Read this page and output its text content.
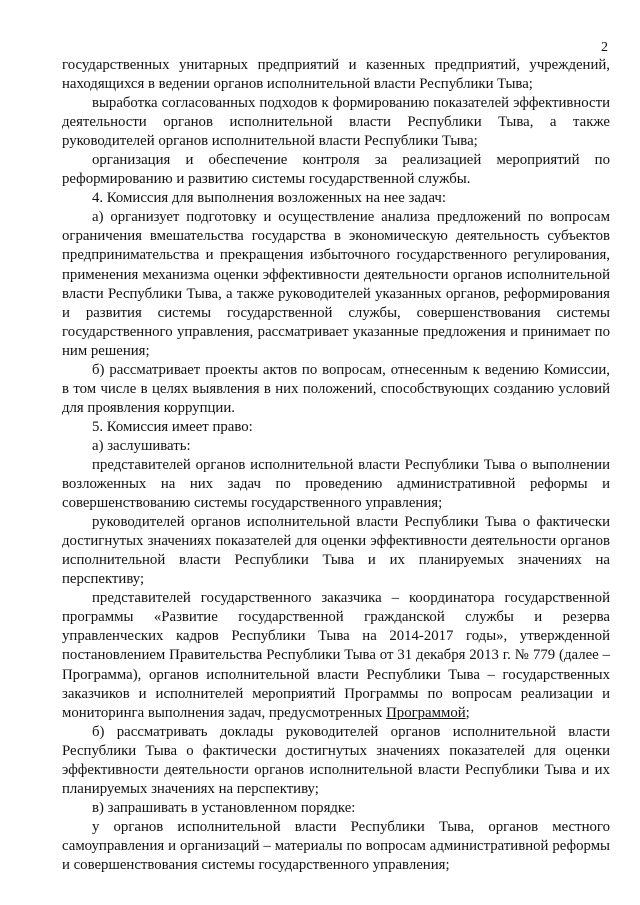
2

государственных унитарных предприятий и казенных предприятий, учреждений, находящихся в ведении органов исполнительной власти Республики Тыва;

выработка согласованных подходов к формированию показателей эффективности деятельности органов исполнительной власти Республики Тыва, а также руководителей органов исполнительной власти Республики Тыва;

организация и обеспечение контроля за реализацией мероприятий по реформированию и развитию системы государственной службы.

4. Комиссия для выполнения возложенных на нее задач:

а) организует подготовку и осуществление анализа предложений по вопросам ограничения вмешательства государства в экономическую деятельность субъектов предпринимательства и прекращения избыточного государственного регулирования, применения механизма оценки эффективности деятельности органов исполнительной власти Республики Тыва, а также руководителей указанных органов, реформирования и развития системы государственной службы, совершенствования системы государственного управления, рассматривает указанные предложения и принимает по ним решения;

б) рассматривает проекты актов по вопросам, отнесенным к ведению Комиссии, в том числе в целях выявления в них положений, способствующих созданию условий для проявления коррупции.

5. Комиссия имеет право:

а) заслушивать:

представителей органов исполнительной власти Республики Тыва о выполнении возложенных на них задач по проведению административной реформы и совершенствованию системы государственного управления;

руководителей органов исполнительной власти Республики Тыва о фактически достигнутых значениях показателей для оценки эффективности деятельности органов исполнительной власти Республики Тыва и их планируемых значениях на перспективу;

представителей государственного заказчика – координатора государственной программы «Развитие государственной гражданской службы и резерва управленческих кадров Республики Тыва на 2014-2017 годы», утвержденной постановлением Правительства Республики Тыва от 31 декабря 2013 г. № 779 (далее – Программа), органов исполнительной власти Республики Тыва – государственных заказчиков и исполнителей мероприятий Программы по вопросам реализации и мониторинга выполнения задач, предусмотренных Программой;

б) рассматривать доклады руководителей органов исполнительной власти Республики Тыва о фактически достигнутых значениях показателей для оценки эффективности деятельности органов исполнительной власти Республики Тыва и их планируемых значениях на перспективу;

в) запрашивать в установленном порядке:

у органов исполнительной власти Республики Тыва, органов местного самоуправления и организаций – материалы по вопросам административной реформы и совершенствования системы государственного управления;
